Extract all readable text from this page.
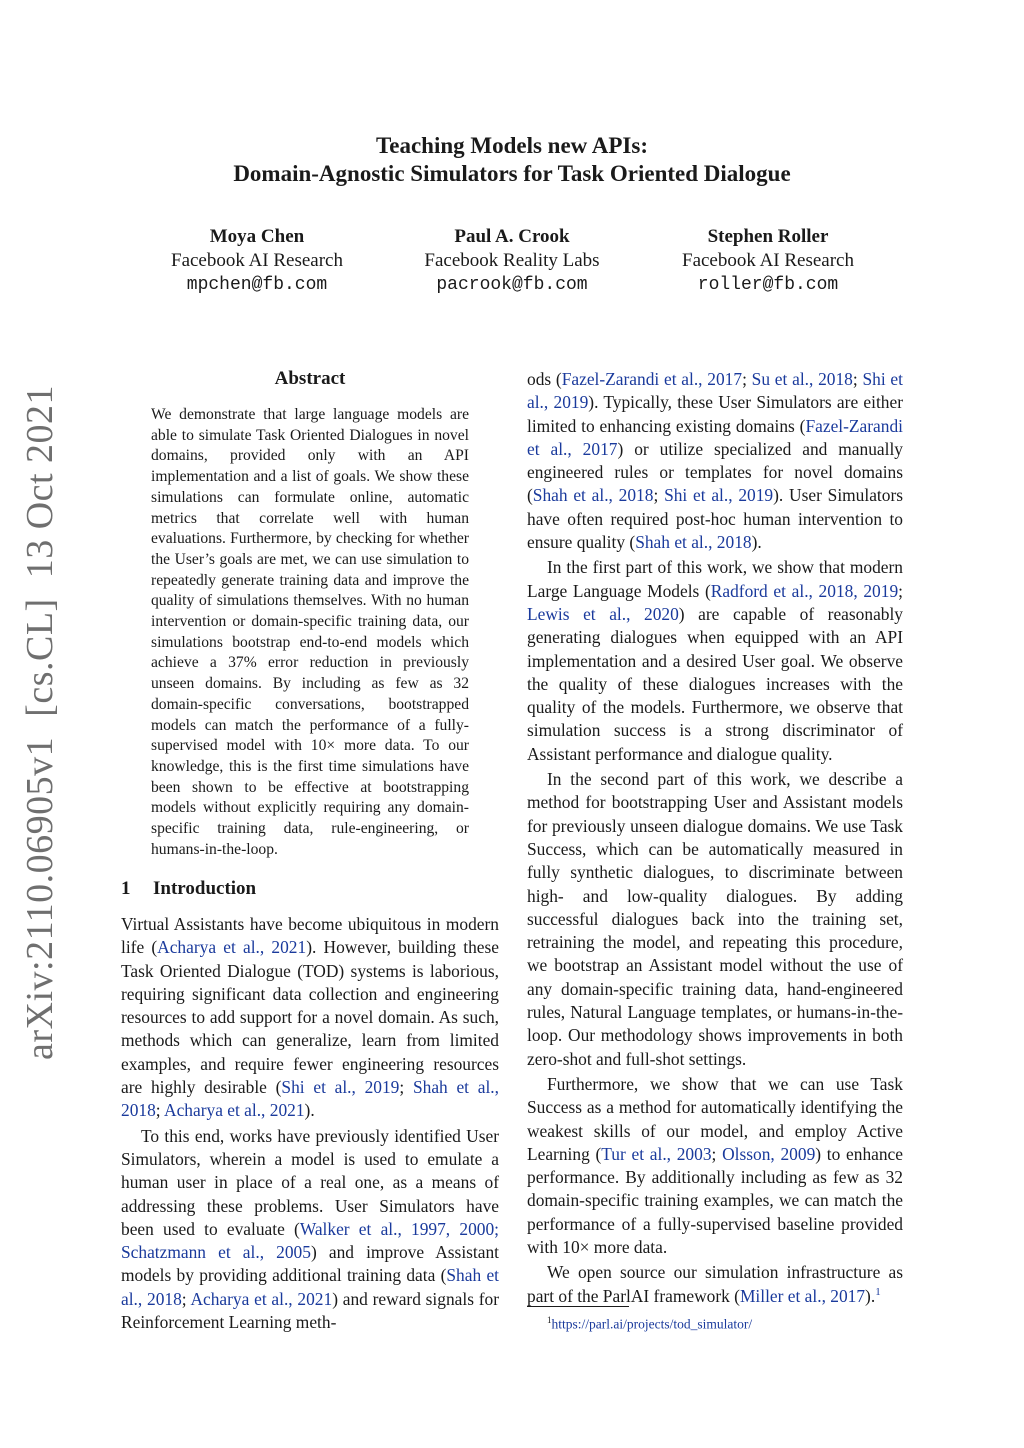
Teaching Models new APIs:
Domain-Agnostic Simulators for Task Oriented Dialogue
Moya Chen
Facebook AI Research
mpchen@fb.com
Paul A. Crook
Facebook Reality Labs
pacrook@fb.com
Stephen Roller
Facebook AI Research
roller@fb.com
arXiv:2110.06905v1  [cs.CL]  13 Oct 2021
Abstract
We demonstrate that large language models are able to simulate Task Oriented Dialogues in novel domains, provided only with an API implementation and a list of goals. We show these simulations can formulate online, automatic metrics that correlate well with human evaluations. Furthermore, by checking for whether the User’s goals are met, we can use simulation to repeatedly generate training data and improve the quality of simulations themselves. With no human intervention or domain-specific training data, our simulations bootstrap end-to-end models which achieve a 37% error reduction in previously unseen domains. By including as few as 32 domain-specific conversations, bootstrapped models can match the performance of a fully-supervised model with 10× more data. To our knowledge, this is the first time simulations have been shown to be effective at bootstrapping models without explicitly requiring any domain-specific training data, rule-engineering, or humans-in-the-loop.
1 Introduction

Virtual Assistants have become ubiquitous in modern life (Acharya et al., 2021). However, building these Task Oriented Dialogue (TOD) systems is laborious, requiring significant data collection and engineering resources to add support for a novel domain. As such, methods which can generalize, learn from limited examples, and require fewer engineering resources are highly desirable (Shi et al., 2019; Shah et al., 2018; Acharya et al., 2021).

To this end, works have previously identified User Simulators, wherein a model is used to emulate a human user in place of a real one, as a means of addressing these problems. User Simulators have been used to evaluate (Walker et al., 1997, 2000; Schatzmann et al., 2005) and improve Assistant models by providing additional training data (Shah et al., 2018; Acharya et al., 2021) and reward signals for Reinforcement Learning meth-

ods (Fazel-Zarandi et al., 2017; Su et al., 2018; Shi et al., 2019). Typically, these User Simulators are either limited to enhancing existing domains (Fazel-Zarandi et al., 2017) or utilize specialized and manually engineered rules or templates for novel domains (Shah et al., 2018; Shi et al., 2019). User Simulators have often required post-hoc human intervention to ensure quality (Shah et al., 2018).

In the first part of this work, we show that modern Large Language Models (Radford et al., 2018, 2019; Lewis et al., 2020) are capable of reasonably generating dialogues when equipped with an API implementation and a desired User goal. We observe the quality of these dialogues increases with the quality of the models. Furthermore, we observe that simulation success is a strong discriminator of Assistant performance and dialogue quality.

In the second part of this work, we describe a method for bootstrapping User and Assistant models for previously unseen dialogue domains. We use Task Success, which can be automatically measured in fully synthetic dialogues, to discriminate between high- and low-quality dialogues. By adding successful dialogues back into the training set, retraining the model, and repeating this procedure, we bootstrap an Assistant model without the use of any domain-specific training data, hand-engineered rules, Natural Language templates, or humans-in-the-loop. Our methodology shows improvements in both zero-shot and full-shot settings.

Furthermore, we show that we can use Task Success as a method for automatically identifying the weakest skills of our model, and employ Active Learning (Tur et al., 2003; Olsson, 2009) to enhance performance. By additionally including as few as 32 domain-specific training examples, we can match the performance of a fully-supervised baseline provided with 10× more data.

We open source our simulation infrastructure as part of the ParlAI framework (Miller et al., 2017).$^1$

$^1$https://parl.ai/projects/tod_simulator/
